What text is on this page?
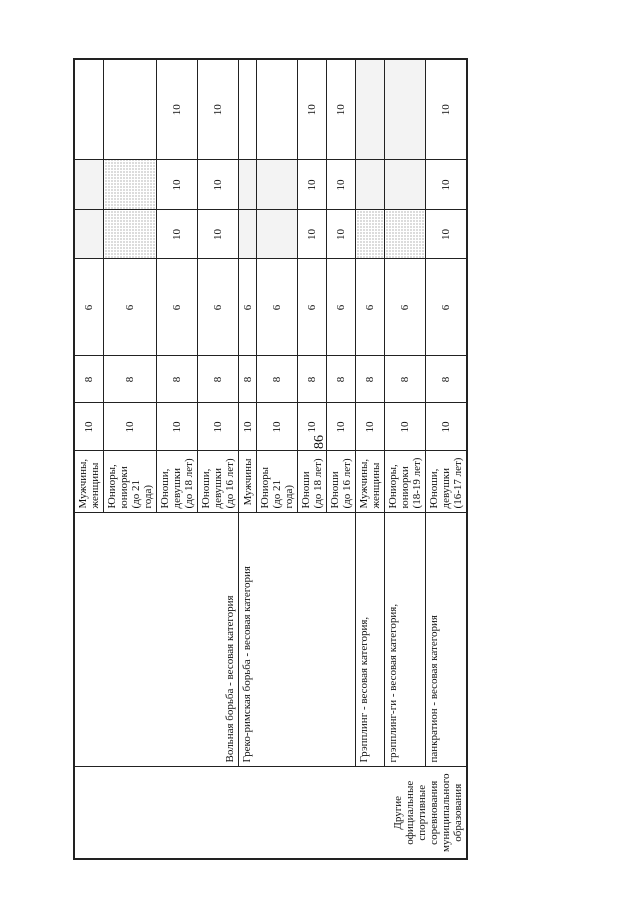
86
Другие официальные спортивные соревнования муниципального образования	Вольная борьба - весовая категория	Мужчины, женщины	10	8	6			
		Юниоры, юниорки (до 21 года)	10	8	6			
		Юноши, девушки (до 18 лет)	10	8	6	10	10	10
		Юноши, девушки (до 16 лет)	10	8	6	10	10	10
	Греко-римская борьба - весовая категория	Мужчины	10	8	6			
		Юниоры (до 21 года)	10	8	6			
		Юноши (до 18 лет)	10	8	6	10	10	10
		Юноши (до 16 лет)	10	8	6	10	10	10
	Грэпплинг - весовая категория,	Мужчины, женщины	10	8	6			
	грэпплинг-ги - весовая категория,	Юниоры, юниорки (18-19 лет)	10	8	6			
	панкратион - весовая категория	Юноши, девушки (16-17 лет)	10	8	6	10	10	10
